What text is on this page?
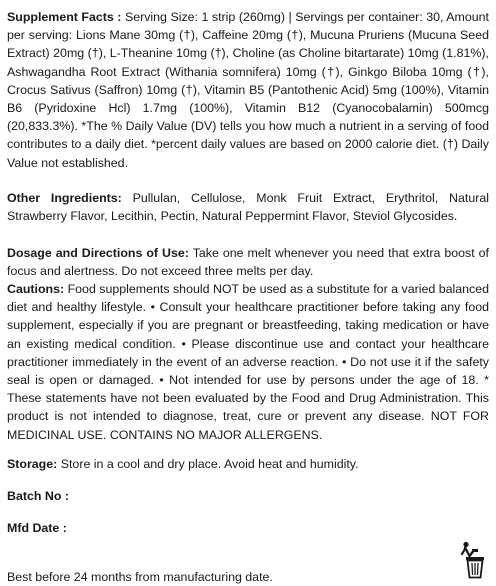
Supplement Facts : Serving Size: 1 strip (260mg) | Servings per container: 30, Amount per serving: Lions Mane 30mg (†), Caffeine 20mg (†), Mucuna Pruriens (Mucuna Seed Extract) 20mg (†), L-Theanine 10mg (†), Choline (as Choline bitartarate) 10mg (1.81%), Ashwagandha Root Extract (Withania somnifera) 10mg (†), Ginkgo Biloba 10mg (†), Crocus Sativus (Saffron) 10mg (†), Vitamin B5 (Pantothenic Acid) 5mg (100%), Vitamin B6 (Pyridoxine Hcl) 1.7mg (100%), Vitamin B12 (Cyanocobalamin) 500mcg (20,833.3%). *The % Daily Value (DV) tells you how much a nutrient in a serving of food contributes to a daily diet. *percent daily values are based on 2000 calorie diet. (†) Daily Value not established.

Other Ingredients: Pullulan, Cellulose, Monk Fruit Extract, Erythritol, Natural Strawberry Flavor, Lecithin, Pectin, Natural Peppermint Flavor, Steviol Glycosides.

Dosage and Directions of Use: Take one melt whenever you need that extra boost of focus and alertness. Do not exceed three melts per day.

Cautions: Food supplements should NOT be used as a substitute for a varied balanced diet and healthy lifestyle. • Consult your healthcare practitioner before taking any food supplement, especially if you are pregnant or breastfeeding, taking medication or have an existing medical condition. • Please discontinue use and contact your healthcare practitioner immediately in the event of an adverse reaction. • Do not use it if the safety seal is open or damaged. • Not intended for use by persons under the age of 18. * These statements have not been evaluated by the Food and Drug Administration. This product is not intended to diagnose, treat, cure or prevent any disease. NOT FOR MEDICINAL USE. CONTAINS NO MAJOR ALLERGENS.

Storage: Store in a cool and dry place. Avoid heat and humidity.

Batch No :
Mfd Date :
Best before 24 months from manufacturing date.
